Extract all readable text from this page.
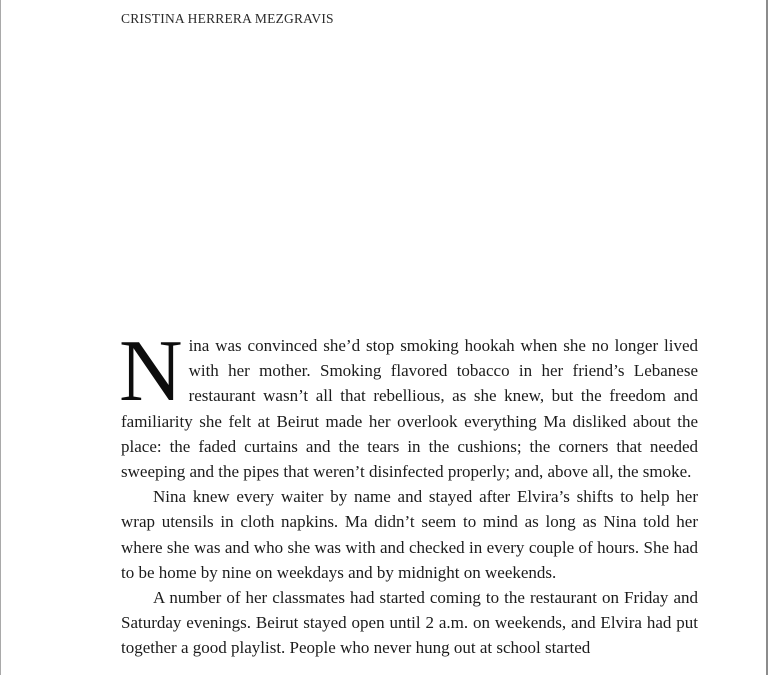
CRISTINA HERRERA MEZGRAVIS

N ina was convinced she’d stop smoking hookah when she no longer lived with her mother. Smoking flavored tobacco in her friend’s Lebanese restaurant wasn’t all that rebellious, as she knew, but the freedom and familiarity she felt at Beirut made her overlook everything Ma disliked about the place: the faded curtains and the tears in the cushions; the corners that needed sweeping and the pipes that weren’t disinfected properly; and, above all, the smoke.

Nina knew every waiter by name and stayed after Elvira’s shifts to help her wrap utensils in cloth napkins. Ma didn’t seem to mind as long as Nina told her where she was and who she was with and checked in every couple of hours. She had to be home by nine on weekdays and by midnight on weekends.

A number of her classmates had started coming to the restaurant on Friday and Saturday evenings. Beirut stayed open until 2 a.m. on weekends, and Elvira had put together a good playlist. People who never hung out at school started
